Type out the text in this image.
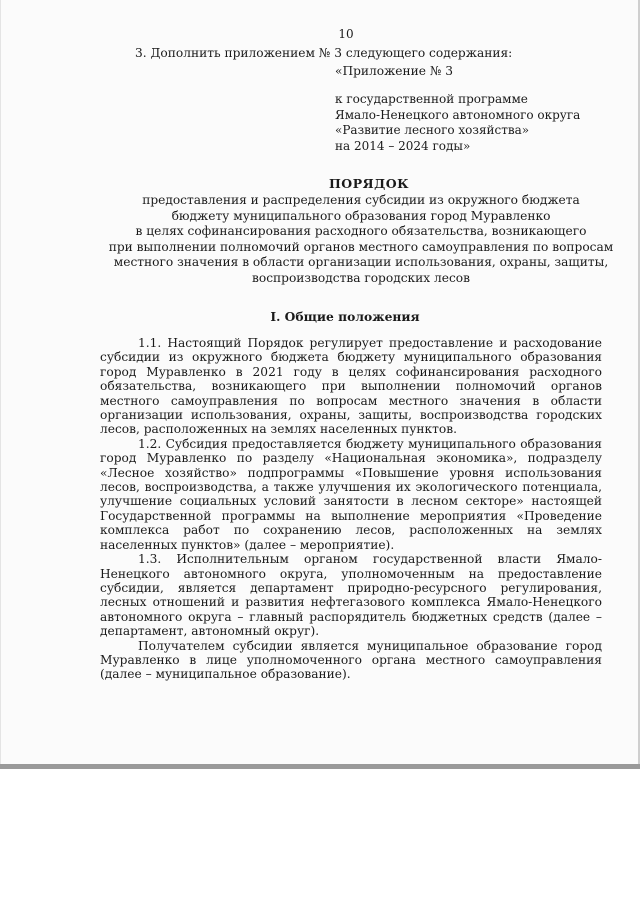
10
3. Дополнить приложением № 3 следующего содержания:
«Приложение № 3
к государственной программе
Ямало-Ненецкого автономного округа
«Развитие лесного хозяйства»
на 2014 – 2024 годы»
ПОРЯДОК
предоставления и распределения субсидии из окружного бюджета
бюджету муниципального образования город Муравленко
в целях софинансирования расходного обязательства, возникающего
при выполнении полномочий органов местного самоуправления по вопросам
местного значения в области организации использования, охраны, защиты,
воспроизводства городских лесов
I. Общие положения

1.1. Настоящий Порядок регулирует предоставление и расходование субсидии из окружного бюджета бюджету муниципального образования город Муравленко в 2021 году в целях софинансирования расходного обязательства, возникающего при выполнении полномочий органов местного самоуправления по вопросам местного значения в области организации использования, охраны, защиты, воспроизводства городских лесов, расположенных на землях населенных пунктов.

1.2. Субсидия предоставляется бюджету муниципального образования город Муравленко по разделу «Национальная экономика», подразделу «Лесное хозяйство» подпрограммы «Повышение уровня использования лесов, воспроизводства, а также улучшения их экологического потенциала, улучшение социальных условий занятости в лесном секторе» настоящей Государственной программы на выполнение мероприятия «Проведение комплекса работ по сохранению лесов, расположенных на землях населенных пунктов» (далее – мероприятие).

1.3. Исполнительным органом государственной власти Ямало-Ненецкого автономного округа, уполномоченным на предоставление субсидии, является департамент природно-ресурсного регулирования, лесных отношений и развития нефтегазового комплекса Ямало-Ненецкого автономного округа – главный распорядитель бюджетных средств (далее – департамент, автономный округ).

Получателем субсидии является муниципальное образование город Муравленко в лице уполномоченного органа местного самоуправления (далее – муниципальное образование).
